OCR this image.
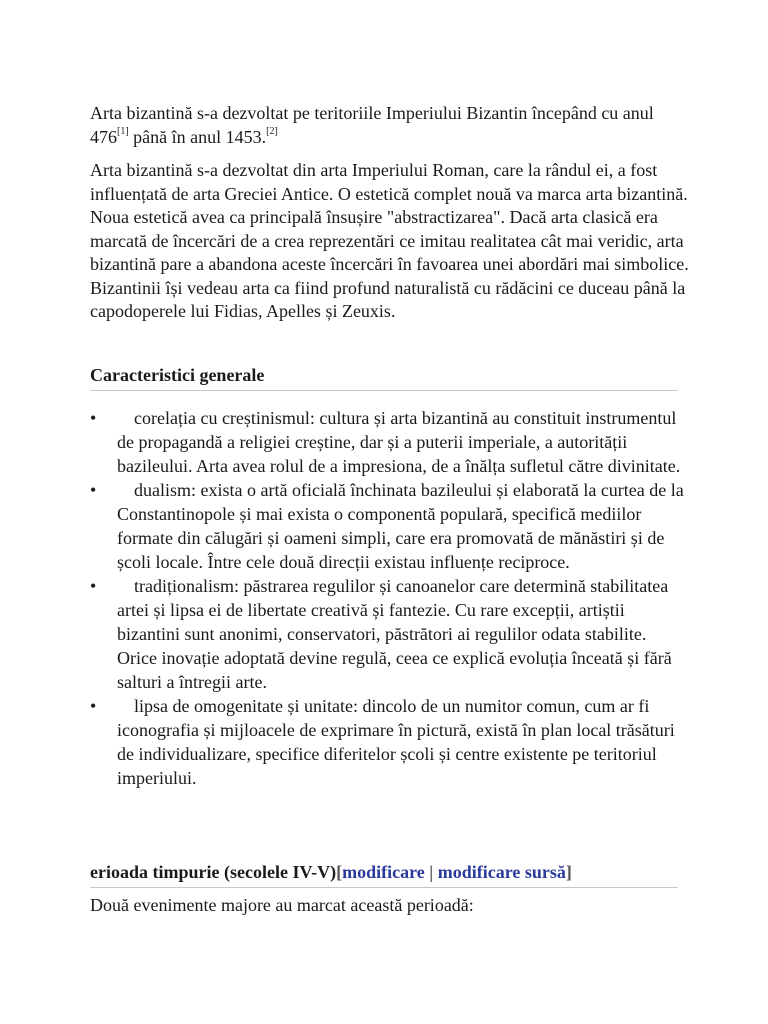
Arta bizantină s-a dezvoltat pe teritoriile Imperiului Bizantin începând cu anul 476[1] până în anul 1453.[2]

Arta bizantină s-a dezvoltat din arta Imperiului Roman, care la rândul ei, a fost influențată de arta Greciei Antice. O estetică complet nouă va marca arta bizantină. Noua estetică avea ca principală însușire "abstractizarea". Dacă arta clasică era marcată de încercări de a crea reprezentări ce imitau realitatea cât mai veridic, arta bizantină pare a abandona aceste încercări în favoarea unei abordări mai simbolice. Bizantinii își vedeau arta ca fiind profund naturalistă cu rădăcini ce duceau până la capodoperele lui Fidias, Apelles și Zeuxis.

Caracteristici generale
•	corelația cu creștinismul: cultura și arta bizantină au constituit instrumentul de propagandă a religiei creștine, dar și a puterii imperiale, a autorității bazileului. Arta avea rolul de a impresiona, de a înălța sufletul către divinitate.
•	dualism: exista o artă oficială închinata bazileului și elaborată la curtea de la Constantinopole și mai exista o componentă populară, specifică mediilor formate din călugări și oameni simpli, care era promovată de mănăstiri și de școli locale. Între cele două direcții existau influențe reciproce.
•	tradiționalism: păstrarea regulilor și canoanelor care determină stabilitatea artei și lipsa ei de libertate creativă și fantezie. Cu rare excepții, artiștii bizantini sunt anonimi, conservatori, păstrători ai regulilor odata stabilite. Orice inovație adoptată devine regulă, ceea ce explică evoluția înceată și fără salturi a întregii arte.
•	lipsa de omogenitate și unitate: dincolo de un numitor comun, cum ar fi iconografia și mijloacele de exprimare în pictură, există în plan local trăsături de individualizare, specifice diferitelor școli și centre existente pe teritoriul imperiului.
erioada timpurie (secolele IV-V)[modificare | modificare sursă]

Două evenimente majore au marcat această perioadă:
